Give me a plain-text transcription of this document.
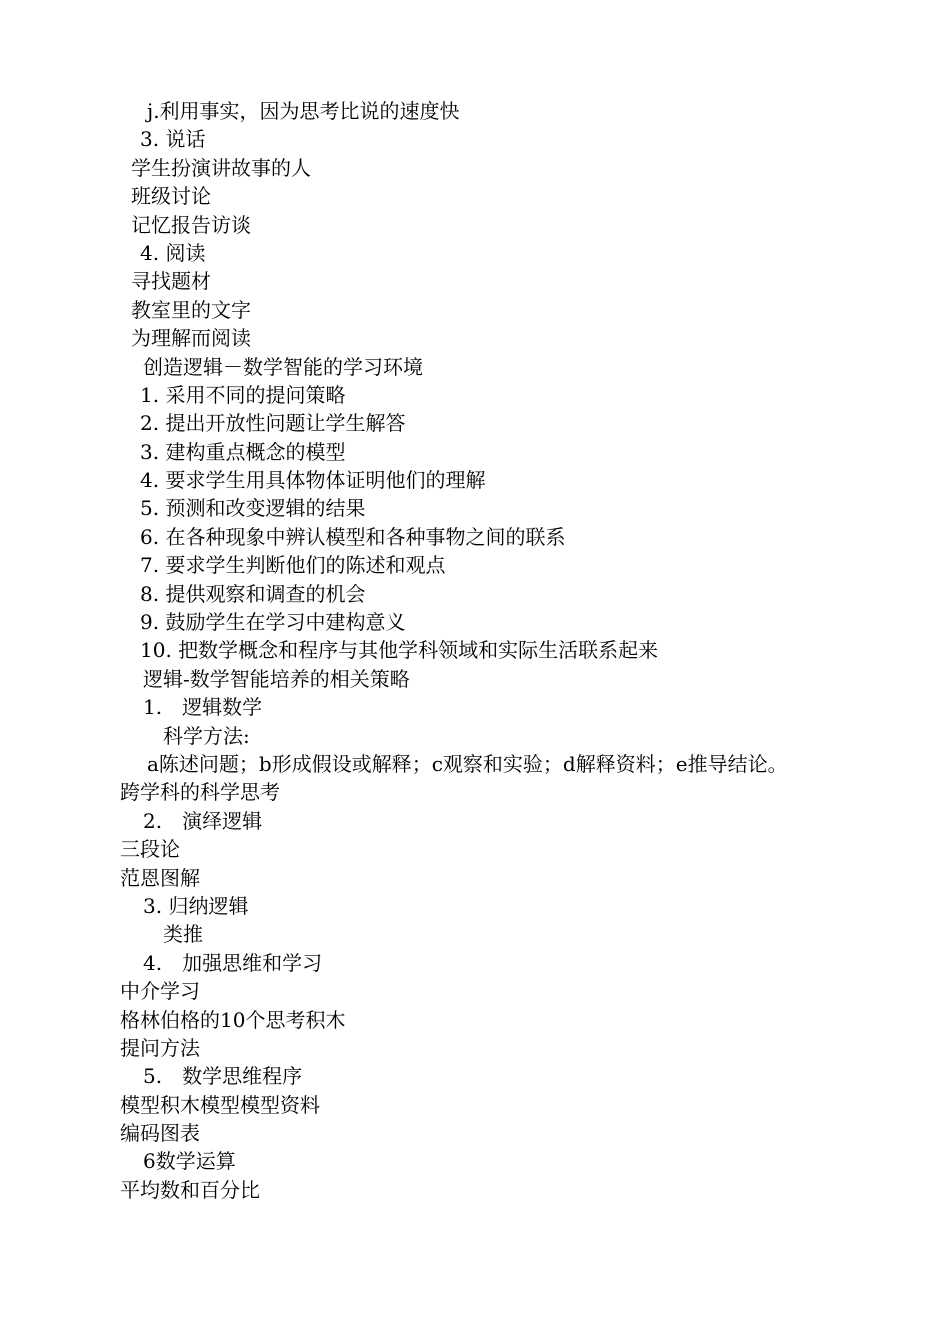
j.利用事实，因为思考比说的速度快
3. 说话
学生扮演讲故事的人
班级讨论
记忆报告访谈
4. 阅读
寻找题材
教室里的文字
为理解而阅读
创造逻辑－数学智能的学习环境
1. 采用不同的提问策略
2. 提出开放性问题让学生解答
3. 建构重点概念的模型
4. 要求学生用具体物体证明他们的理解
5. 预测和改变逻辑的结果
6. 在各种现象中辨认模型和各种事物之间的联系
7. 要求学生判断他们的陈述和观点
8. 提供观察和调查的机会
9. 鼓励学生在学习中建构意义
10. 把数学概念和程序与其他学科领域和实际生活联系起来
逻辑-数学智能培养的相关策略
1.　逻辑数学
科学方法:
a陈述问题；b形成假设或解释；c观察和实验；d解释资料；e推导结论。
跨学科的科学思考
2.　演绎逻辑
三段论
范恩图解
3. 归纳逻辑
类推
4.　加强思维和学习
中介学习
格林伯格的10个思考积木
提问方法
5.　数学思维程序
模型积木模型模型资料
编码图表
6数学运算
平均数和百分比
